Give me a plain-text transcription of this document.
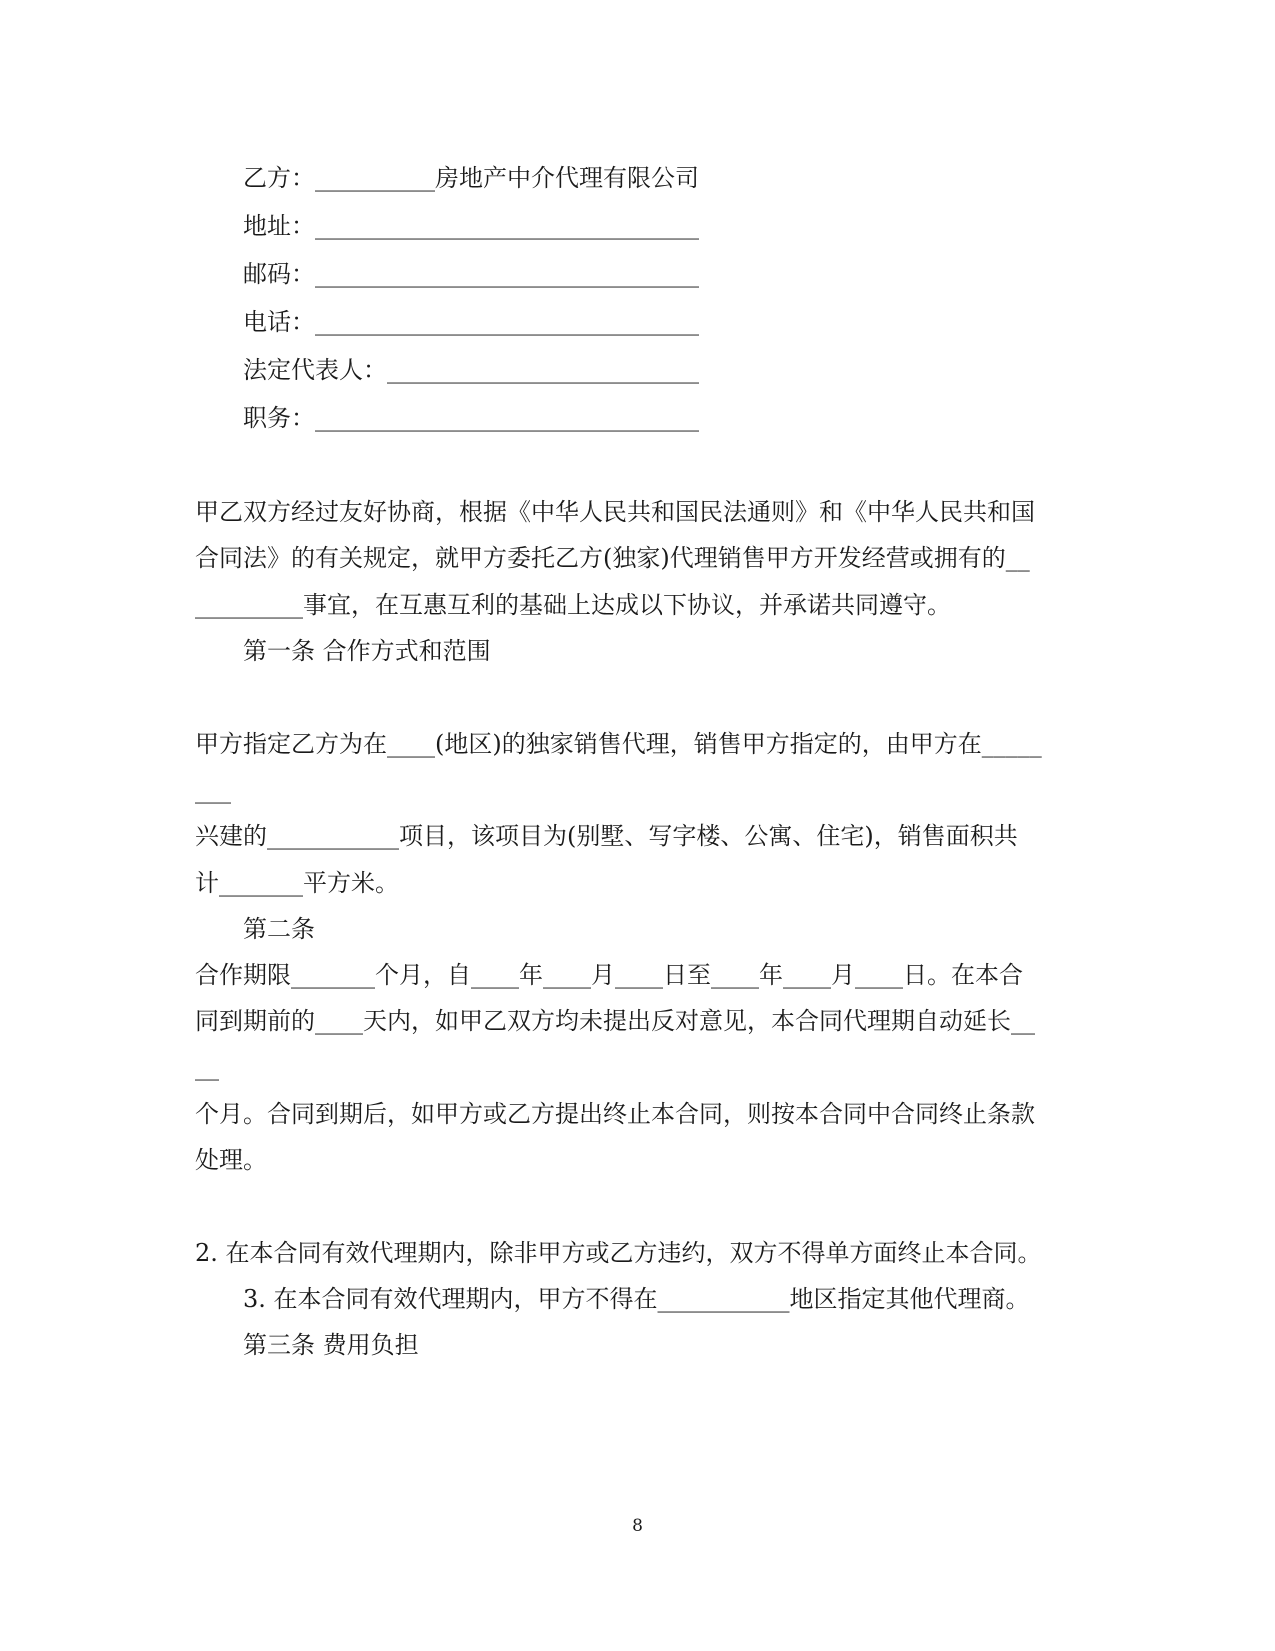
乙方：__________房地产中介代理有限公司
地址：________________________________
邮码：________________________________
电话：________________________________
法定代表人：__________________________
职务：________________________________
甲乙双方经过友好协商，根据《中华人民共和国民法通则》和《中华人民共和国
合同法》的有关规定，就甲方委托乙方(独家)代理销售甲方开发经营或拥有的__
_________事宜，在互惠互利的基础上达成以下协议，并承诺共同遵守。
第一条 合作方式和范围
甲方指定乙方为在____(地区)的独家销售代理，销售甲方指定的，由甲方在_____
___
兴建的___________项目，该项目为(别墅、写字楼、公寓、住宅)，销售面积共
计_______平方米。
第二条
合作期限_______个月，自____年____月____日至____年____月____日。在本合
同到期前的____天内，如甲乙双方均未提出反对意见，本合同代理期自动延长__
__
个月。合同到期后，如甲方或乙方提出终止本合同，则按本合同中合同终止条款
处理。
2. 在本合同有效代理期内，除非甲方或乙方违约，双方不得单方面终止本合同。
3. 在本合同有效代理期内，甲方不得在___________地区指定其他代理商。
第三条 费用负担
8
